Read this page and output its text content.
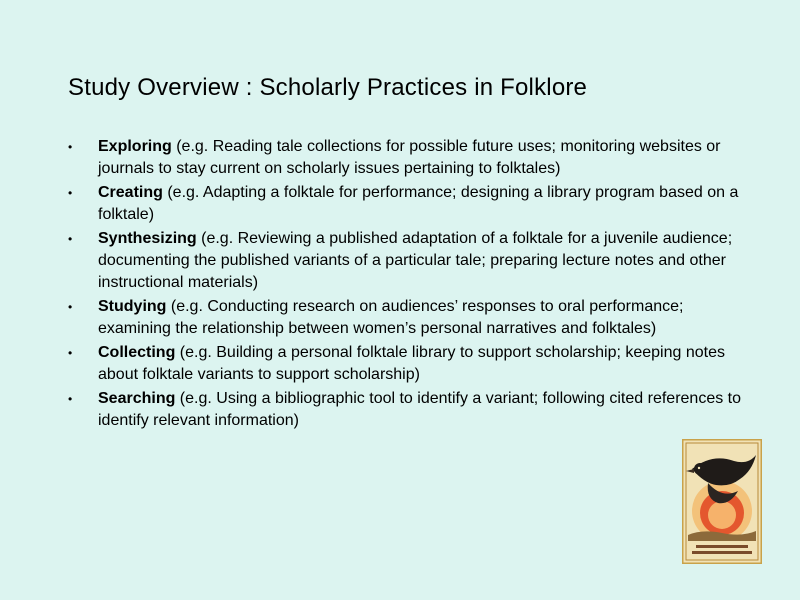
Study Overview : Scholarly Practices in Folklore
•	Exploring (e.g. Reading tale collections for possible future uses; monitoring websites or journals to stay current on scholarly issues pertaining to folktales)
•	Creating (e.g. Adapting a folktale for performance; designing a library program based on a folktale)
•	Synthesizing (e.g. Reviewing a published adaptation of a folktale for a juvenile audience; documenting the published variants of a particular tale; preparing lecture notes and other instructional materials)
•	Studying (e.g. Conducting research on audiences’ responses to oral performance; examining the relationship between women’s personal narratives and folktales)
•	Collecting (e.g. Building a personal folktale library to support scholarship; keeping notes about folktale variants to support scholarship)
•	Searching (e.g. Using a bibliographic tool to identify a variant; following cited references to identify relevant information)
